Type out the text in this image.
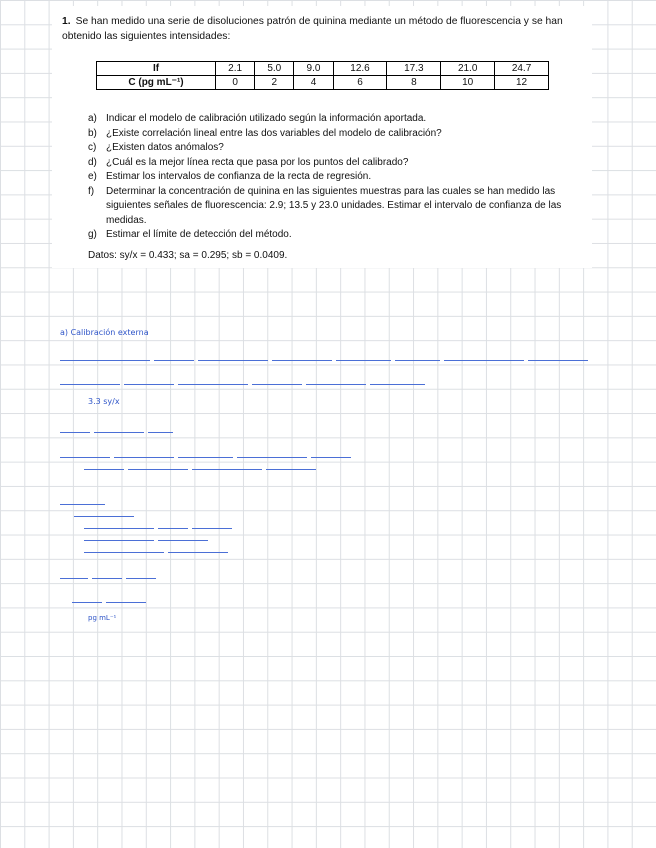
1. Se han medido una serie de disoluciones patrón de quinina mediante un método de fluorescencia y se han obtenido las siguientes intensidades:
If	2.1	5.0	9.0	12.6	17.3	21.0	24.7
C (pg mL⁻¹)	0	2	4	6	8	10	12
a) Indicar el modelo de calibración utilizado según la información aportada.
b) ¿Existe correlación lineal entre las dos variables del modelo de calibración?
c) ¿Existen datos anómalos?
d) ¿Cuál es la mejor línea recta que pasa por los puntos del calibrado?
e) Estimar los intervalos de confianza de la recta de regresión.
f) Determinar la concentración de quinina en las siguientes muestras para las cuales se han medido las siguientes señales de fluorescencia: 2.9; 13.5 y 23.0 unidades. Estimar el intervalo de confianza de las medidas.
g) Estimar el límite de detección del método.
Datos: sy/x = 0.433; sa = 0.295; sb = 0.0409.
a) Calibración externa
3.3 sy/x
pg mL⁻¹
